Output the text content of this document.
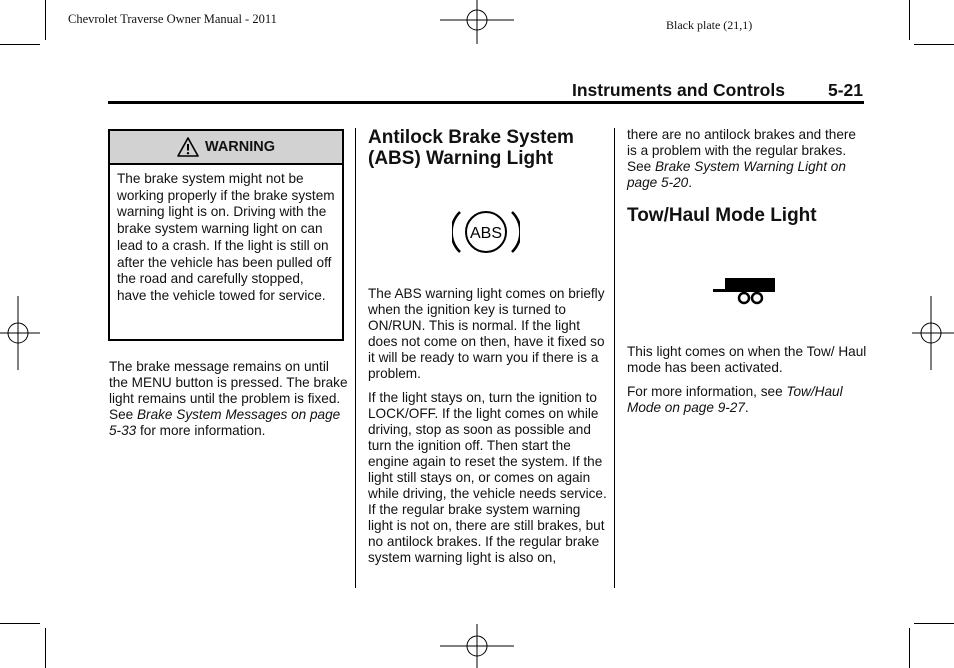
Chevrolet Traverse Owner Manual - 2011	Black plate (21,1)
Instruments and Controls 5-21
WARNING
The brake system might not be working properly if the brake system warning light is on. Driving with the brake system warning light on can lead to a crash. If the light is still on after the vehicle has been pulled off the road and carefully stopped, have the vehicle towed for service.

The brake message remains on until the MENU button is pressed. The brake light remains until the problem is fixed. See Brake System Messages on page 5-33 for more information.

Antilock Brake System (ABS) Warning Light
ABS

The ABS warning light comes on briefly when the ignition key is turned to ON/RUN. This is normal. If the light does not come on then, have it fixed so it will be ready to warn you if there is a problem.

If the light stays on, turn the ignition to LOCK/OFF. If the light comes on while driving, stop as soon as possible and turn the ignition off. Then start the engine again to reset the system. If the light still stays on, or comes on again while driving, the vehicle needs service. If the regular brake system warning light is not on, there are still brakes, but no antilock brakes. If the regular brake system warning light is also on,

there are no antilock brakes and there is a problem with the regular brakes. See Brake System Warning Light on page 5-20.

Tow/Haul Mode Light

This light comes on when the Tow/ Haul mode has been activated.

For more information, see Tow/Haul Mode on page 9-27.
